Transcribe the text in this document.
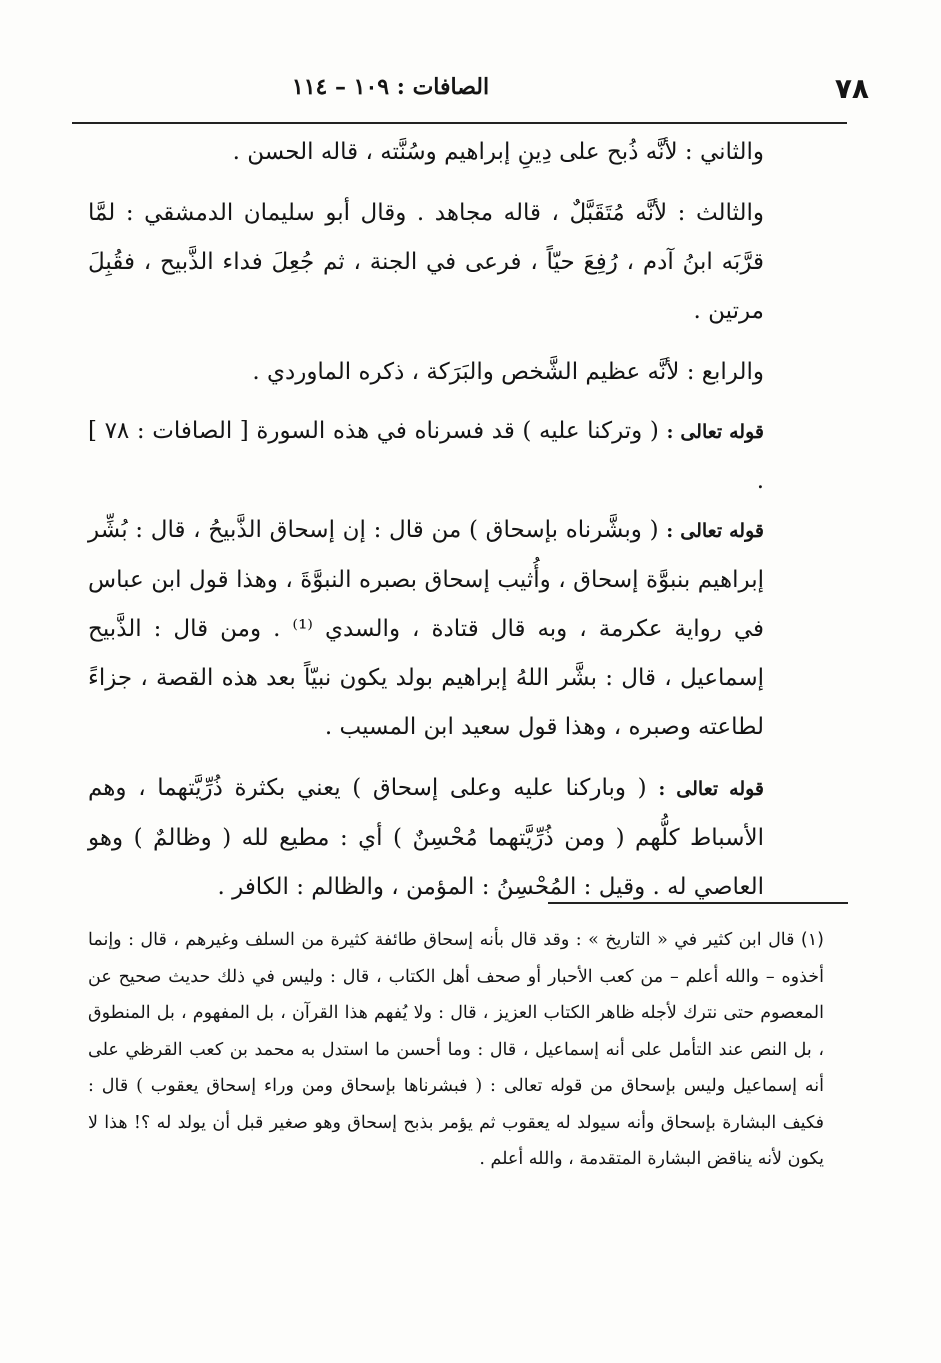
الصافات : ١٠٩ – ١١٤	٧٨

والثاني : لأنَّه ذُبح على دِينِ إبراهيم وسُنَّته ، قاله الحسن .

والثالث : لأنَّه مُتَقَبَّلٌ ، قاله مجاهد . وقال أبو سليمان الدمشقي : لمَّا قرَّبَه ابنُ آدم ، رُفِعَ حيّاً ، فرعى في الجنة ، ثم جُعِلَ فداء الذَّبيح ، فقُبِلَ مرتين .

والرابع : لأنَّه عظيم الشَّخص والبَرَكة ، ذكره الماوردي .

قوله تعالى : ( وتركنا عليه ) قد فسرناه في هذه السورة [ الصافات : ٧٨ ] .

قوله تعالى : ( وبشَّرناه بإسحاق ) من قال : إن إسحاق الذَّبيحُ ، قال : بُشِّر إبراهيم بنبوَّة إسحاق ، وأُثيب إسحاق بصبره النبوَّةَ ، وهذا قول ابن عباس في رواية عكرمة ، وبه قال قتادة ، والسدي ⁽¹⁾ . ومن قال : الذَّبيح إسماعيل ، قال : بشَّر اللهُ إبراهيم بولد يكون نبيّاً بعد هذه القصة ، جزاءً لطاعته وصبره ، وهذا قول سعيد ابن المسيب .

قوله تعالى : ( وباركنا عليه وعلى إسحاق ) يعني بكثرة ذُرِّيَّتهما ، وهم الأسباط كلُّهم ( ومن ذُرِّيَّتهما مُحْسِنٌ ) أي : مطيع لله ( وظالمٌ ) وهو العاصي له . وقيل : المُحْسِنُ : المؤمن ، والظالم : الكافر .

(١) قال ابن كثير في « التاريخ » : وقد قال بأنه إسحاق طائفة كثيرة من السلف وغيرهم ، قال : وإنما أخذوه – والله أعلم – من كعب الأحبار أو صحف أهل الكتاب ، قال : وليس في ذلك حديث صحيح عن المعصوم حتى نترك لأجله ظاهر الكتاب العزيز ، قال : ولا يُفهم هذا القرآن ، بل المفهوم ، بل المنطوق ، بل النص عند التأمل على أنه إسماعيل ، قال : وما أحسن ما استدل به محمد بن كعب القرظي على أنه إسماعيل وليس بإسحاق من قوله تعالى : ( فبشرناها بإسحاق ومن وراء إسحاق يعقوب ) قال : فكيف البشارة بإسحاق وأنه سيولد له يعقوب ثم يؤمر بذبح إسحاق وهو صغير قبل أن يولد له ؟! هذا لا يكون لأنه يناقض البشارة المتقدمة ، والله أعلم .
